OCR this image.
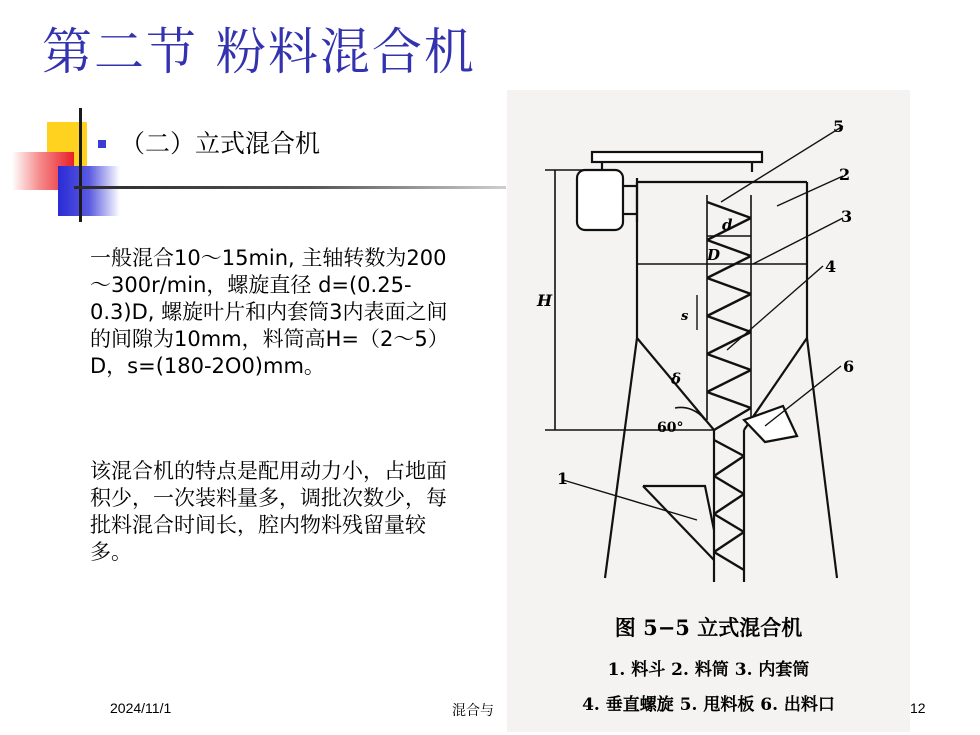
第二节 粉料混合机
（二）立式混合机
一般混合10～15min, 主轴转数为200～300r/min，螺旋直径 d=(0.25-0.3)D, 螺旋叶片和内套筒3内表面之间的间隙为10mm，料筒高H=（2～5）D，s=(180-2O0)mm。
该混合机的特点是配用动力小，占地面积少，一次装料量多，调批次数少，每批料混合时间长，腔内物料残留量较多。
5
2
3
4
6
1
H
d
D
s
δ
60°
图 5−5 立式混合机
1. 料斗 2. 料筒 3. 内套筒
4. 垂直螺旋 5. 甩料板 6. 出料口
2024/11/1	混合与	12
